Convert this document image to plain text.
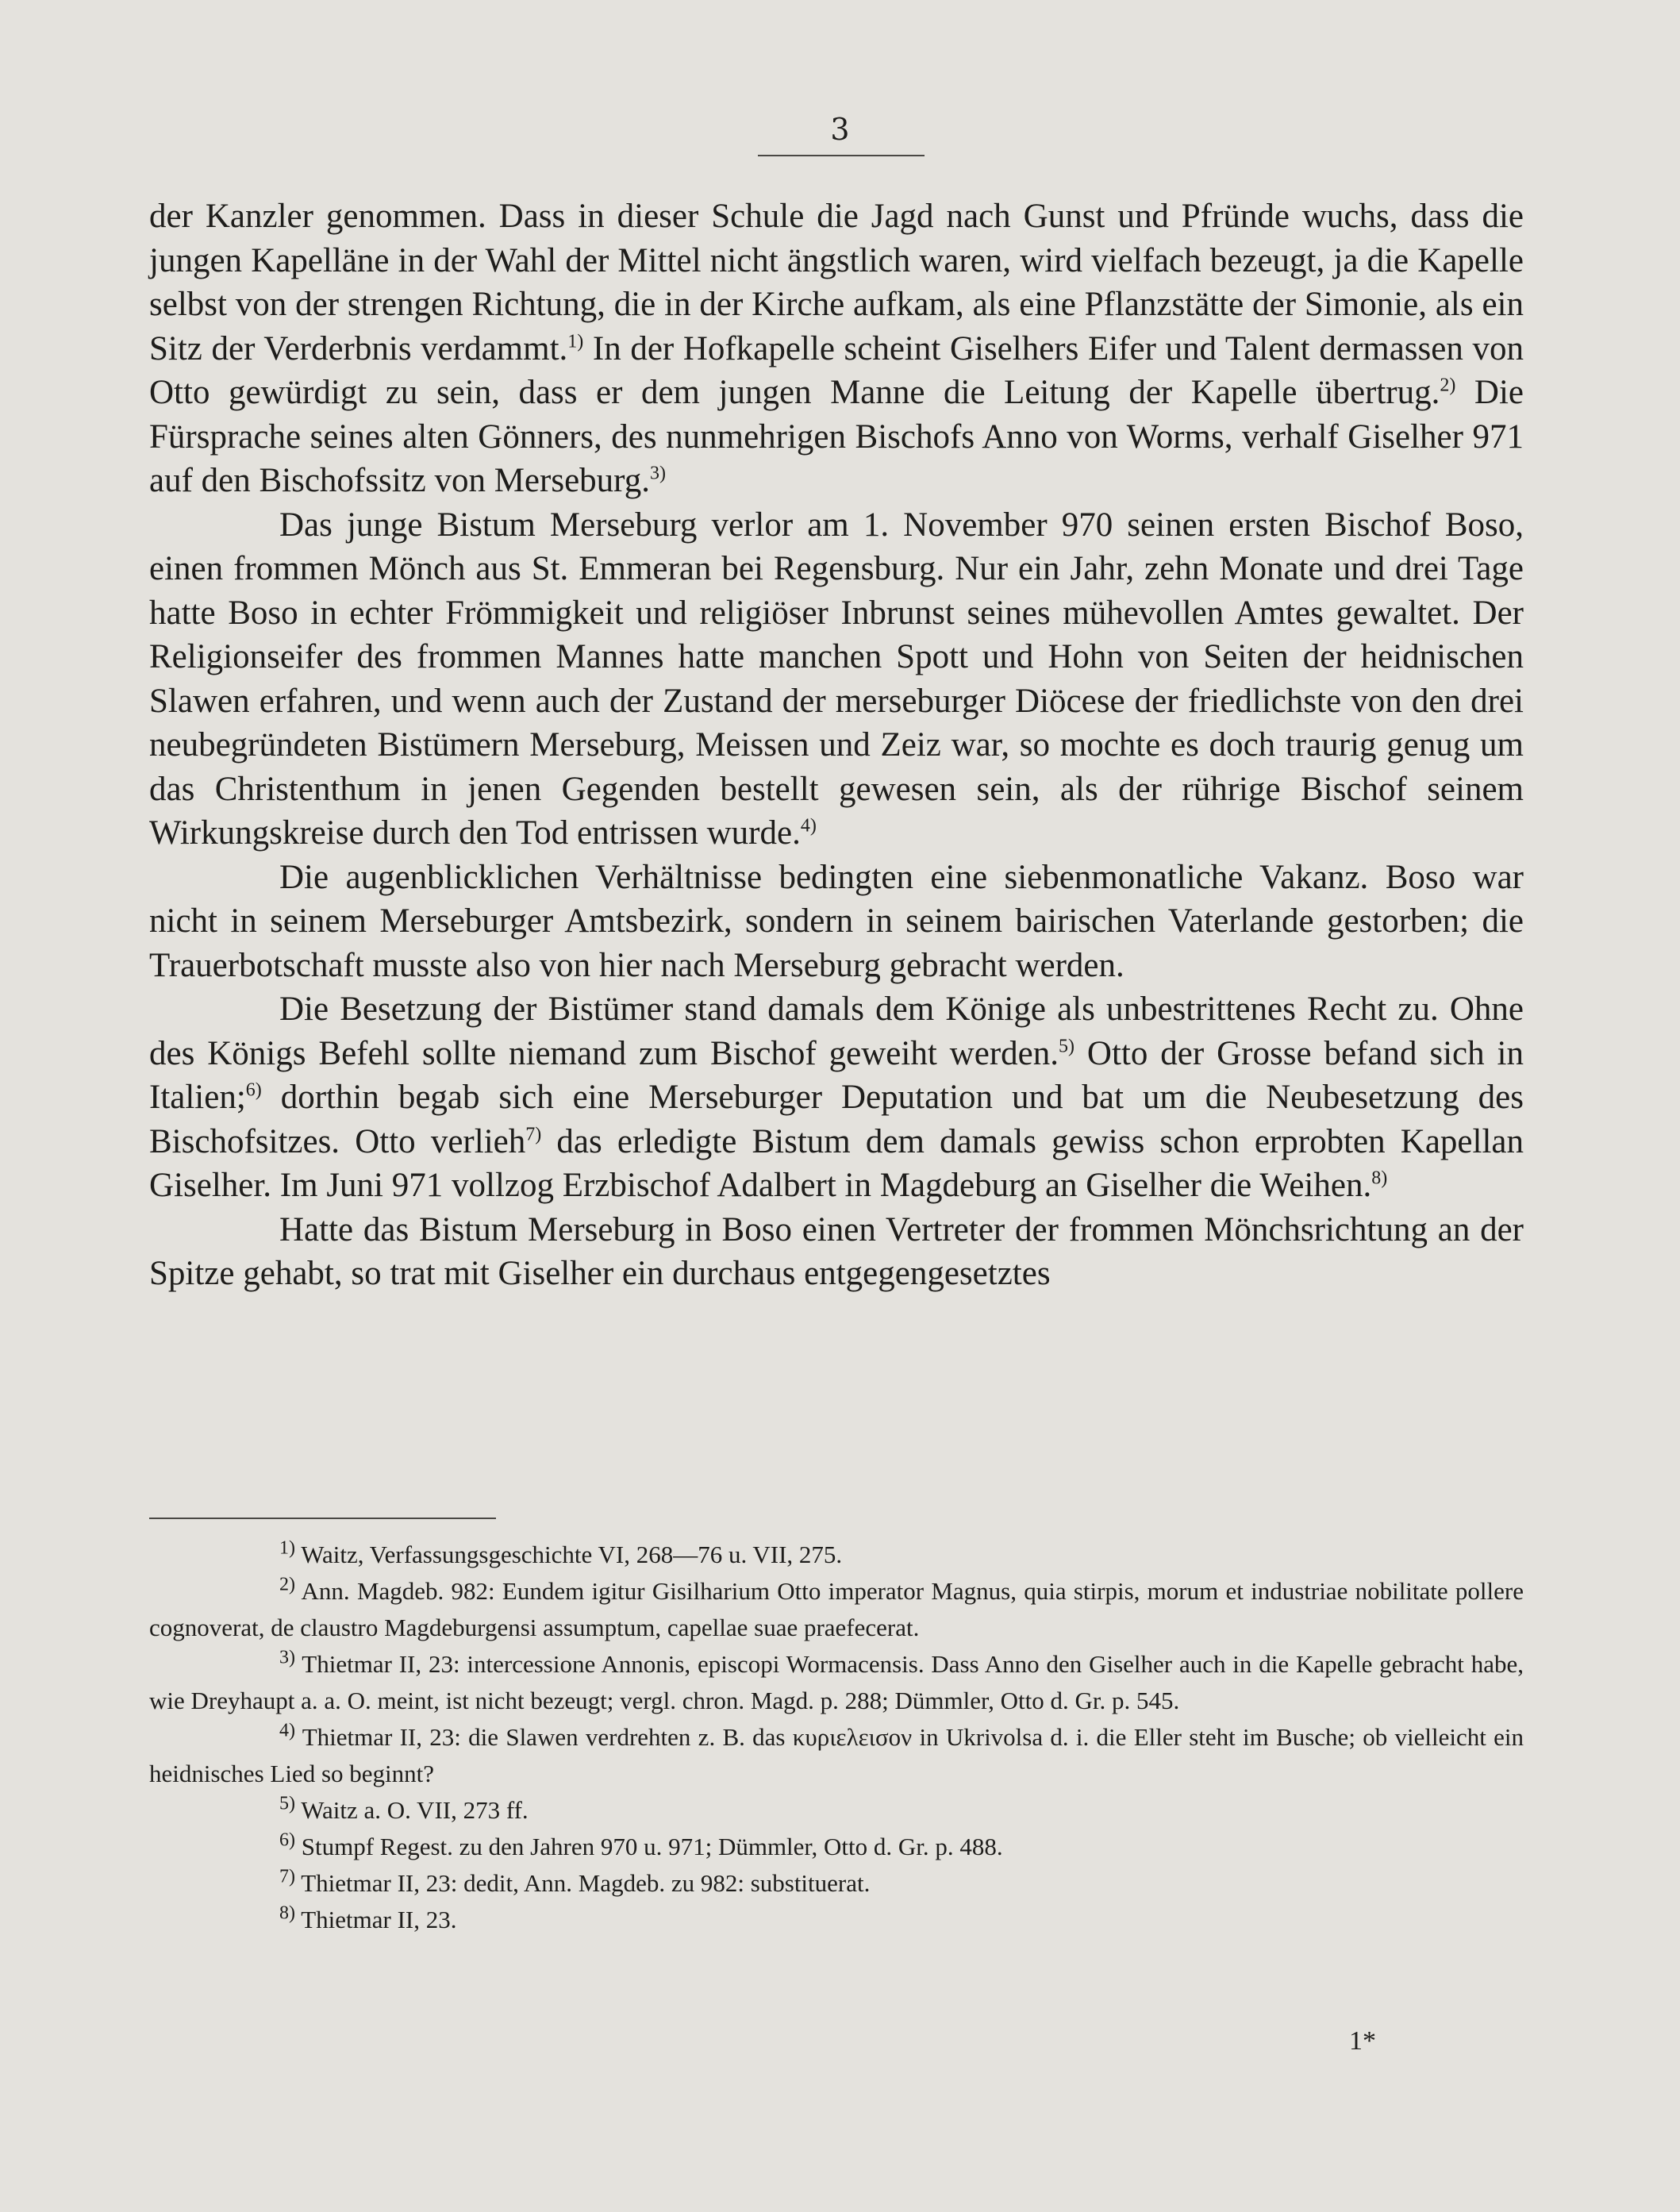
3

der Kanzler genommen. Dass in dieser Schule die Jagd nach Gunst und Pfründe wuchs, dass die jungen Kapelläne in der Wahl der Mittel nicht ängstlich waren, wird vielfach bezeugt, ja die Kapelle selbst von der strengen Richtung, die in der Kirche aufkam, als eine Pflanzstätte der Simonie, als ein Sitz der Verderbnis verdammt.$^{1)}$ In der Hofkapelle scheint Giselhers Eifer und Talent dermassen von Otto gewürdigt zu sein, dass er dem jungen Manne die Leitung der Kapelle übertrug.$^{2)}$ Die Fürsprache seines alten Gönners, des nunmehrigen Bischofs Anno von Worms, verhalf Giselher 971 auf den Bischofssitz von Merseburg.$^{3)}$

Das junge Bistum Merseburg verlor am 1. November 970 seinen ersten Bischof Boso, einen frommen Mönch aus St. Emmeran bei Regensburg. Nur ein Jahr, zehn Monate und drei Tage hatte Boso in echter Frömmigkeit und religiöser Inbrunst seines mühevollen Amtes gewaltet. Der Religionseifer des frommen Mannes hatte manchen Spott und Hohn von Seiten der heidnischen Slawen erfahren, und wenn auch der Zustand der merseburger Diöcese der friedlichste von den drei neubegründeten Bistümern Merseburg, Meissen und Zeiz war, so mochte es doch traurig genug um das Christenthum in jenen Gegenden bestellt gewesen sein, als der rührige Bischof seinem Wirkungskreise durch den Tod entrissen wurde.$^{4)}$

Die augenblicklichen Verhältnisse bedingten eine siebenmonatliche Vakanz. Boso war nicht in seinem Merseburger Amtsbezirk, sondern in seinem bairischen Vaterlande gestorben; die Trauerbotschaft musste also von hier nach Merseburg gebracht werden.

Die Besetzung der Bistümer stand damals dem Könige als unbestrittenes Recht zu. Ohne des Königs Befehl sollte niemand zum Bischof geweiht werden.$^{5)}$ Otto der Grosse befand sich in Italien;$^{6)}$ dorthin begab sich eine Merseburger Deputation und bat um die Neubesetzung des Bischofsitzes. Otto verlieh$^{7)}$ das erledigte Bistum dem damals gewiss schon erprobten Kapellan Giselher. Im Juni 971 vollzog Erzbischof Adalbert in Magdeburg an Giselher die Weihen.$^{8)}$

Hatte das Bistum Merseburg in Boso einen Vertreter der frommen Mönchsrichtung an der Spitze gehabt, so trat mit Giselher ein durchaus entgegengesetztes

$^{1)}$ Waitz, Verfassungsgeschichte VI, 268—76 u. VII, 275.

$^{2)}$ Ann. Magdeb. 982: Eundem igitur Gisilharium Otto imperator Magnus, quia stirpis, morum et industriae nobilitate pollere cognoverat, de claustro Magdeburgensi assumptum, capellae suae praefecerat.

$^{3)}$ Thietmar II, 23: intercessione Annonis, episcopi Wormacensis. Dass Anno den Giselher auch in die Kapelle gebracht habe, wie Dreyhaupt a. a. O. meint, ist nicht bezeugt; vergl. chron. Magd. p. 288; Dümmler, Otto d. Gr. p. 545.

$^{4)}$ Thietmar II, 23: die Slawen verdrehten z. B. das κυριελεισον in Ukrivolsa d. i. die Eller steht im Busche; ob vielleicht ein heidnisches Lied so beginnt?

$^{5)}$ Waitz a. O. VII, 273 ff.

$^{6)}$ Stumpf Regest. zu den Jahren 970 u. 971; Dümmler, Otto d. Gr. p. 488.

$^{7)}$ Thietmar II, 23: dedit, Ann. Magdeb. zu 982: substituerat.

$^{8)}$ Thietmar II, 23.

1*
